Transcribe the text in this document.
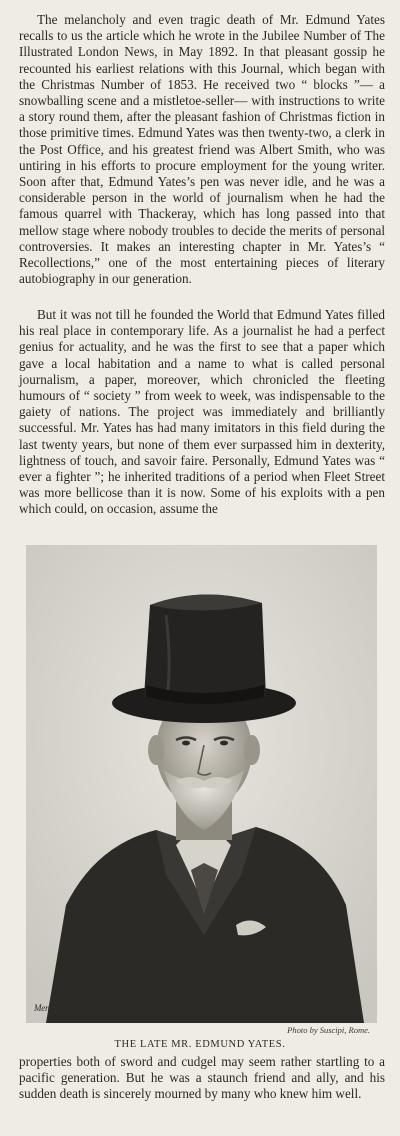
The melancholy and even tragic death of Mr. Edmund Yates recalls to us the article which he wrote in the Jubilee Number of The Illustrated London News, in May 1892. In that pleasant gossip he recounted his earliest relations with this Journal, which began with the Christmas Number of 1853. He received two “ blocks ”— a snowballing scene and a mistletoe-seller— with instructions to write a story round them, after the pleasant fashion of Christmas fiction in those primitive times. Edmund Yates was then twenty-two, a clerk in the Post Office, and his greatest friend was Albert Smith, who was untiring in his efforts to procure employment for the young writer. Soon after that, Edmund Yates’s pen was never idle, and he was a considerable person in the world of journalism when he had the famous quarrel with Thackeray, which has long passed into that mellow stage where nobody troubles to decide the merits of personal controversies. It makes an interesting chapter in Mr. Yates’s “ Recollections,” one of the most entertaining pieces of literary autobiography in our generation.

But it was not till he founded the World that Edmund Yates filled his real place in contemporary life. As a journalist he had a perfect genius for actuality, and he was the first to see that a paper which gave a local habitation and a name to what is called personal journalism, a paper, moreover, which chronicled the fleeting humours of “ society ” from week to week, was indispensable to the gaiety of nations. The project was immediately and brilliantly successful. Mr. Yates has had many imitators in this field during the last twenty years, but none of them ever surpassed him in dexterity, lightness of touch, and savoir faire. Personally, Edmund Yates was “ ever a fighter ”; he inherited traditions of a period when Fleet Street was more bellicose than it is now. Some of his exploits with a pen which could, on occasion, assume the

Mensenbach
Photo by Suscipi, Rome.
THE LATE MR. EDMUND YATES.

properties both of sword and cudgel may seem rather startling to a pacific generation. But he was a staunch friend and ally, and his sudden death is sincerely mourned by many who knew him well.
